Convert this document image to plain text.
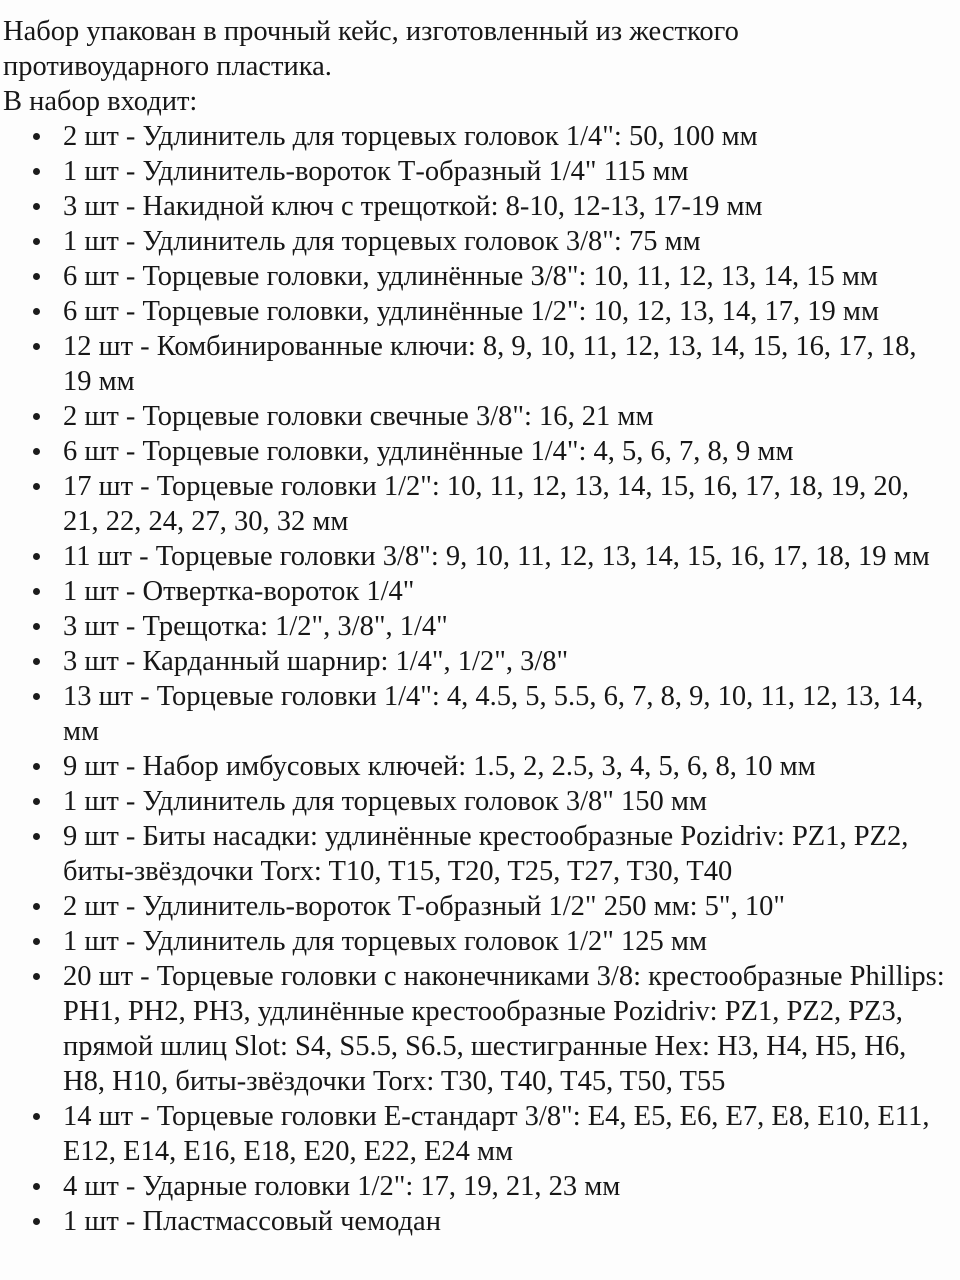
Набор упакован в прочный кейс, изготовленный из жесткого противоударного пластика.

В набор входит:

2 шт - Удлинитель для торцевых головок 1/4": 50, 100 мм
1 шт - Удлинитель-вороток Т-образный 1/4" 115 мм
3 шт - Накидной ключ с трещоткой: 8-10, 12-13, 17-19 мм
1 шт - Удлинитель для торцевых головок 3/8": 75 мм
6 шт - Торцевые головки, удлинённые 3/8": 10, 11, 12, 13, 14, 15 мм
6 шт - Торцевые головки, удлинённые 1/2": 10, 12, 13, 14, 17, 19 мм
12 шт - Комбинированные ключи: 8, 9, 10, 11, 12, 13, 14, 15, 16, 17, 18, 19 мм
2 шт - Торцевые головки свечные 3/8": 16, 21 мм
6 шт - Торцевые головки, удлинённые 1/4": 4, 5, 6, 7, 8, 9 мм
17 шт - Торцевые головки 1/2": 10, 11, 12, 13, 14, 15, 16, 17, 18, 19, 20, 21, 22, 24, 27, 30, 32 мм
11 шт - Торцевые головки 3/8": 9, 10, 11, 12, 13, 14, 15, 16, 17, 18, 19 мм
1 шт - Отвертка-вороток 1/4"
3 шт - Трещотка: 1/2", 3/8", 1/4"
3 шт - Карданный шарнир: 1/4", 1/2", 3/8"
13 шт - Торцевые головки 1/4": 4, 4.5, 5, 5.5, 6, 7, 8, 9, 10, 11, 12, 13, 14, мм
9 шт - Набор имбусовых ключей: 1.5, 2, 2.5, 3, 4, 5, 6, 8, 10 мм
1 шт - Удлинитель для торцевых головок 3/8" 150 мм
9 шт - Биты насадки: удлинённые крестообразные Pozidriv: PZ1, PZ2, биты-звёздочки Torx: T10, T15, T20, T25, T27, T30, T40
2 шт - Удлинитель-вороток Т-образный 1/2" 250 мм: 5", 10"
1 шт - Удлинитель для торцевых головок 1/2" 125 мм
20 шт - Торцевые головки с наконечниками 3/8: крестообразные Phillips: PH1, PH2, PH3, удлинённые крестообразные Pozidriv: PZ1, PZ2, PZ3, прямой шлиц Slot: S4, S5.5, S6.5, шестигранные Hex: H3, H4, H5, H6, H8, H10, биты-звёздочки Torx: T30, T40, T45, T50, T55
14 шт - Торцевые головки Е-стандарт 3/8": E4, E5, E6, E7, E8, E10, E11, E12, E14, E16, E18, E20, E22, E24 мм
4 шт - Ударные головки 1/2": 17, 19, 21, 23 мм
1 шт - Пластмассовый чемодан
